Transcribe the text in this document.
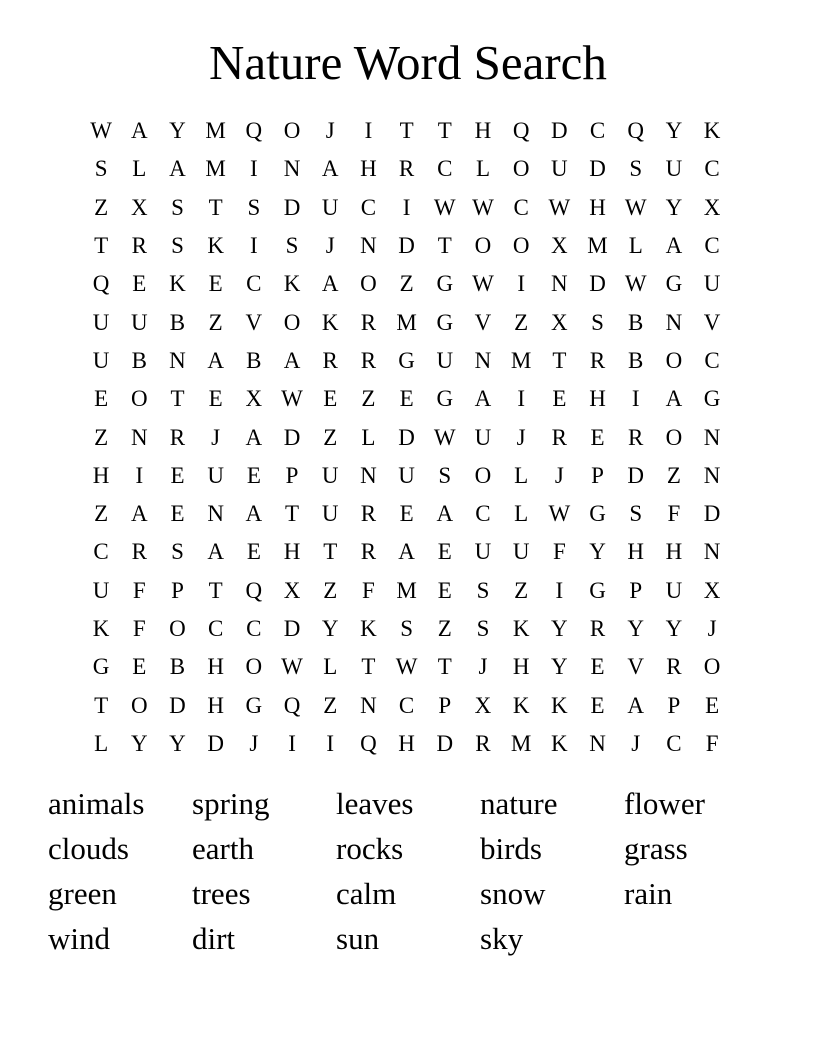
Nature Word Search
W A Y M Q O	J	I	T	T H Q D C Q Y K
S	L A M	I	N A H R C	L O U D	S	U C
Z X	S	T	S	D U C	I	W W C W H W Y X
T	R	S	K	I	S	J	N D T O O X M L A C
Q E K E	C K A O Z G W	I	N D W G U
U U B	Z V O K R M G V Z X	S	B N V
U B N A B A R R G U N M T	R B O C
E O T	E X W E	Z	E G A	I	E H	I	A G
Z N R	J	A D Z	L D W U	J	R	E	R O N
H	I	E U E	P	U N U	S	O L	J	P	D Z N
Z A E N A T U R	E A C	L W G	S	F	D
C R	S	A E H T	R A E U U	F	Y H H N
U	F	P	T Q X Z	F M E	S	Z	I	G	P	U X
K	F	O C C D Y K	S	Z	S	K Y R Y Y	J
G E	B H O W L	T W T	J	H Y E V R O
T O D H G Q Z N C	P	X K K E A	P	E
L Y Y D	J	I	I	Q H D R M K N	J	C	F
animals	spring	leaves	nature	flower
clouds	earth	rocks	birds	grass
green	trees	calm	snow	rain
wind	dirt	sun	sky
